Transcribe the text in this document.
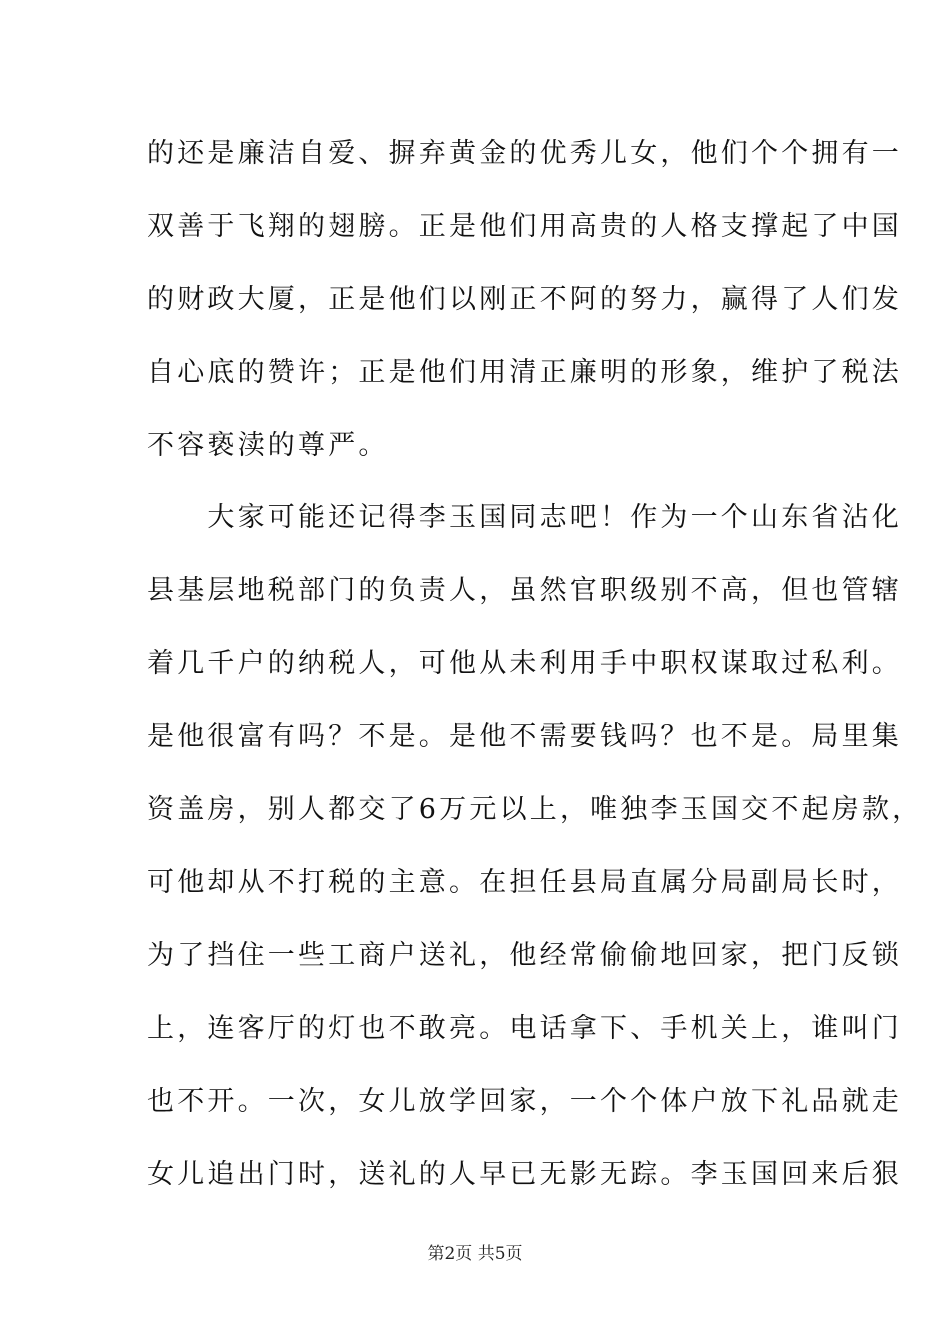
的还是廉洁自爱、摒弃黄金的优秀儿女，他们个个拥有一
双善于飞翔的翅膀。正是他们用高贵的人格支撑起了中国
的财政大厦，正是他们以刚正不阿的努力，赢得了人们发
自心底的赞许；正是他们用清正廉明的形象，维护了税法
不容亵渎的尊严。
　　大家可能还记得李玉国同志吧！作为一个山东省沾化
县基层地税部门的负责人，虽然官职级别不高，但也管辖
着几千户的纳税人，可他从未利用手中职权谋取过私利。
是他很富有吗？不是。是他不需要钱吗？也不是。局里集
资盖房，别人都交了6万元以上，唯独李玉国交不起房款，
可他却从不打税的主意。在担任县局直属分局副局长时，
为了挡住一些工商户送礼，他经常偷偷地回家，把门反锁
上，连客厅的灯也不敢亮。电话拿下、手机关上，谁叫门
也不开。一次，女儿放学回家，一个个体户放下礼品就走
女儿追出门时，送礼的人早已无影无踪。李玉国回来后狠
第2页 共5页
